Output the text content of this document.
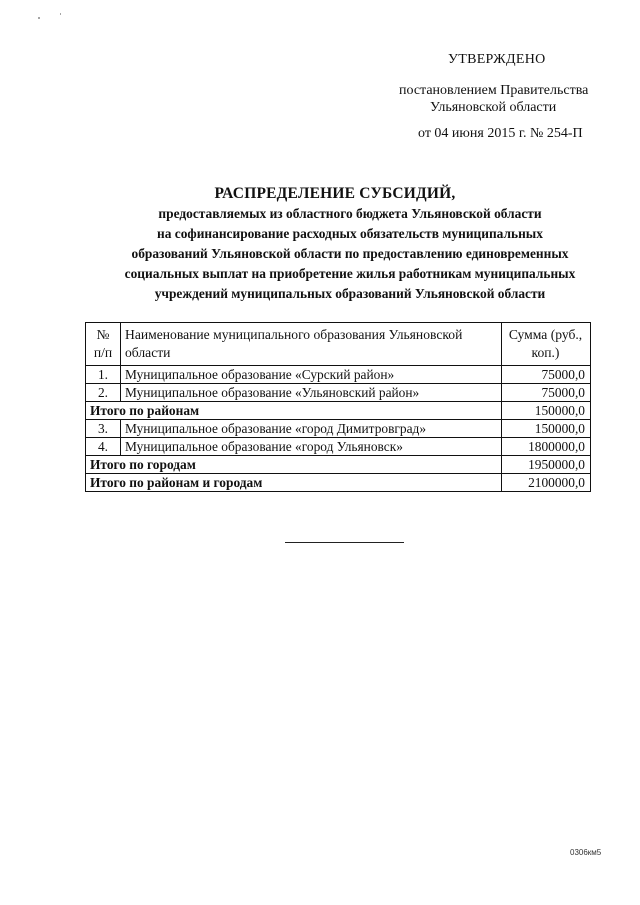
УТВЕРЖДЕНО
постановлением Правительства
Ульяновской области
от 04 июня 2015 г. № 254-П
РАСПРЕДЕЛЕНИЕ СУБСИДИЙ,
предоставляемых из областного бюджета Ульяновской области
на софинансирование расходных обязательств муниципальных
образований Ульяновской области по предоставлению единовременных
социальных выплат на приобретение жилья работникам муниципальных
учреждений муниципальных образований Ульяновской области
№ п/п	Наименование муниципального образования Ульяновской области	Сумма (руб., коп.)
1.	Муниципальное образование «Сурский район»	75000,0
2.	Муниципальное образование «Ульяновский район»	75000,0
Итого по районам		150000,0
3.	Муниципальное образование «город Димитровград»	150000,0
4.	Муниципальное образование «город Ульяновск»	1800000,0
Итого по городам		1950000,0
Итого по районам и городам		2100000,0
0306км5
